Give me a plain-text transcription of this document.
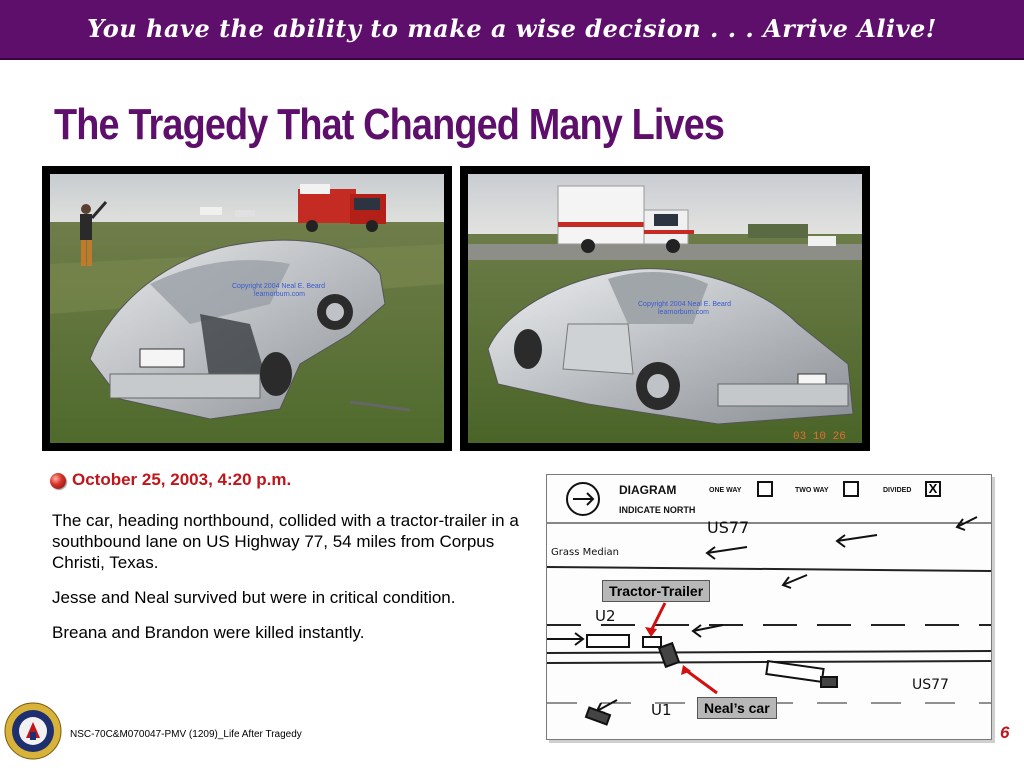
You have the ability to make a wise decision . . . Arrive Alive!
The Tragedy That Changed Many Lives
Copyright 2004 Neal E. Beard
learnorburn.com
Copyright 2004 Neal E. Beard
learnorburn.com
03 10 26
October 25, 2003, 4:20 p.m.

The car, heading northbound, collided with a tractor-trailer in a southbound lane on US Highway 77, 54 miles from Corpus Christi, Texas.

Jesse and Neal survived but were in critical condition.

Breana and Brandon were killed instantly.

US77
US77
Grass Median
U2
U1
DIAGRAM
INDICATE NORTH
ONE WAY	TWO WAY	DIVIDED X
Tractor-Trailer
Neal’s car
NSC-70C&M070047-PMV (1209)_Life After Tragedy	6
